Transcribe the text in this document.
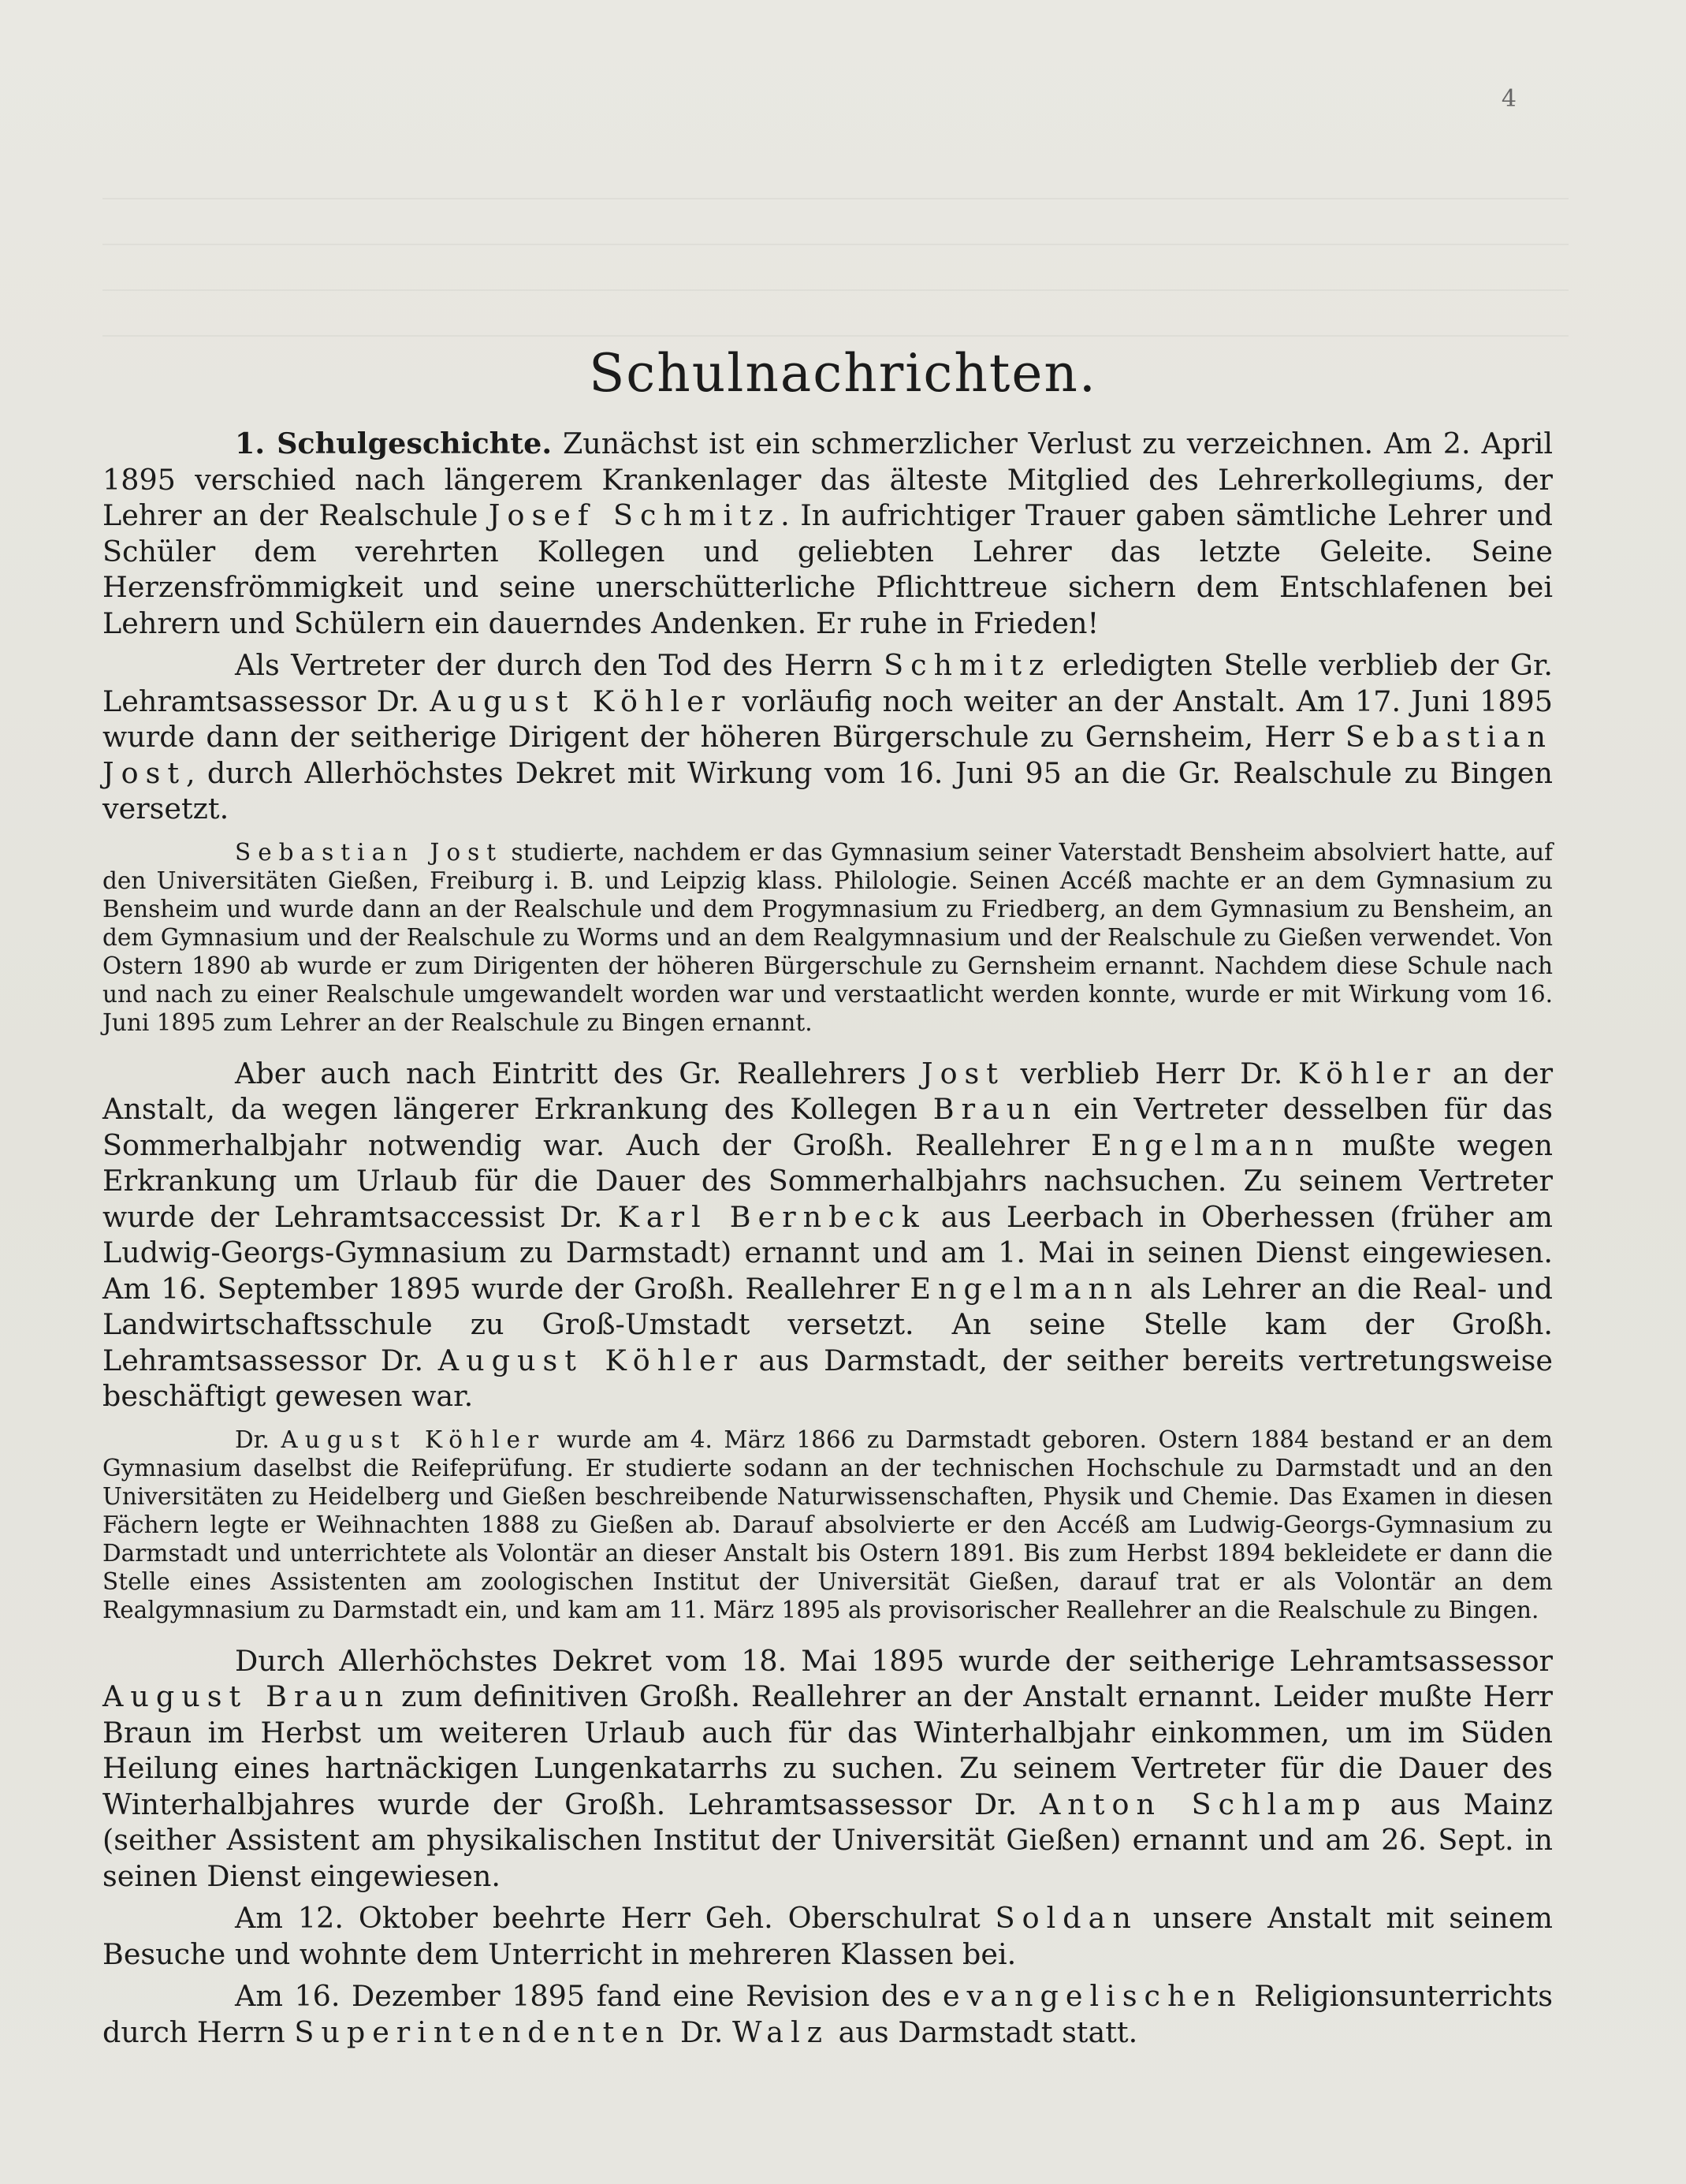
4
Schulnachrichten.

1. Schulgeschichte. Zunächst ist ein schmerzlicher Verlust zu verzeichnen. Am 2. April 1895 verschied nach längerem Krankenlager das älteste Mitglied des Lehrerkollegiums, der Lehrer an der Realschule Josef Schmitz. In aufrichtiger Trauer gaben sämtliche Lehrer und Schüler dem verehrten Kollegen und geliebten Lehrer das letzte Geleite. Seine Herzensfrömmigkeit und seine unerschütterliche Pflichttreue sichern dem Entschlafenen bei Lehrern und Schülern ein dauerndes Andenken. Er ruhe in Frieden!

Als Vertreter der durch den Tod des Herrn Schmitz erledigten Stelle verblieb der Gr. Lehramtsassessor Dr. August Köhler vorläufig noch weiter an der Anstalt. Am 17. Juni 1895 wurde dann der seitherige Dirigent der höheren Bürgerschule zu Gernsheim, Herr Sebastian Jost, durch Allerhöchstes Dekret mit Wirkung vom 16. Juni 95 an die Gr. Realschule zu Bingen versetzt.

Sebastian Jost studierte, nachdem er das Gymnasium seiner Vaterstadt Bensheim absolviert hatte, auf den Universitäten Gießen, Freiburg i. B. und Leipzig klass. Philologie. Seinen Accéß machte er an dem Gymnasium zu Bensheim und wurde dann an der Realschule und dem Progymnasium zu Friedberg, an dem Gymnasium zu Bensheim, an dem Gymnasium und der Realschule zu Worms und an dem Realgymnasium und der Realschule zu Gießen verwendet. Von Ostern 1890 ab wurde er zum Dirigenten der höheren Bürgerschule zu Gernsheim ernannt. Nachdem diese Schule nach und nach zu einer Realschule umgewandelt worden war und verstaatlicht werden konnte, wurde er mit Wirkung vom 16. Juni 1895 zum Lehrer an der Realschule zu Bingen ernannt.

Aber auch nach Eintritt des Gr. Reallehrers Jost verblieb Herr Dr. Köhler an der Anstalt, da wegen längerer Erkrankung des Kollegen Braun ein Vertreter desselben für das Sommerhalbjahr notwendig war. Auch der Großh. Reallehrer Engelmann mußte wegen Erkrankung um Urlaub für die Dauer des Sommerhalbjahrs nachsuchen. Zu seinem Vertreter wurde der Lehramtsaccessist Dr. Karl Bernbeck aus Leerbach in Oberhessen (früher am Ludwig-Georgs-Gymnasium zu Darmstadt) ernannt und am 1. Mai in seinen Dienst eingewiesen. Am 16. September 1895 wurde der Großh. Reallehrer Engelmann als Lehrer an die Real- und Landwirtschaftsschule zu Groß-Umstadt versetzt. An seine Stelle kam der Großh. Lehramtsassessor Dr. August Köhler aus Darmstadt, der seither bereits vertretungsweise beschäftigt gewesen war.

Dr. August Köhler wurde am 4. März 1866 zu Darmstadt geboren. Ostern 1884 bestand er an dem Gymnasium daselbst die Reifeprüfung. Er studierte sodann an der technischen Hochschule zu Darmstadt und an den Universitäten zu Heidelberg und Gießen beschreibende Naturwissenschaften, Physik und Chemie. Das Examen in diesen Fächern legte er Weihnachten 1888 zu Gießen ab. Darauf absolvierte er den Accéß am Ludwig-Georgs-Gymnasium zu Darmstadt und unterrichtete als Volontär an dieser Anstalt bis Ostern 1891. Bis zum Herbst 1894 bekleidete er dann die Stelle eines Assistenten am zoologischen Institut der Universität Gießen, darauf trat er als Volontär an dem Realgymnasium zu Darmstadt ein, und kam am 11. März 1895 als provisorischer Reallehrer an die Realschule zu Bingen.

Durch Allerhöchstes Dekret vom 18. Mai 1895 wurde der seitherige Lehramtsassessor August Braun zum definitiven Großh. Reallehrer an der Anstalt ernannt. Leider mußte Herr Braun im Herbst um weiteren Urlaub auch für das Winterhalbjahr einkommen, um im Süden Heilung eines hartnäckigen Lungenkatarrhs zu suchen. Zu seinem Vertreter für die Dauer des Winterhalbjahres wurde der Großh. Lehramtsassessor Dr. Anton Schlamp aus Mainz (seither Assistent am physikalischen Institut der Universität Gießen) ernannt und am 26. Sept. in seinen Dienst eingewiesen.

Am 12. Oktober beehrte Herr Geh. Oberschulrat Soldan unsere Anstalt mit seinem Besuche und wohnte dem Unterricht in mehreren Klassen bei.

Am 16. Dezember 1895 fand eine Revision des evangelischen Religionsunterrichts durch Herrn Superintendenten Dr. Walz aus Darmstadt statt.
